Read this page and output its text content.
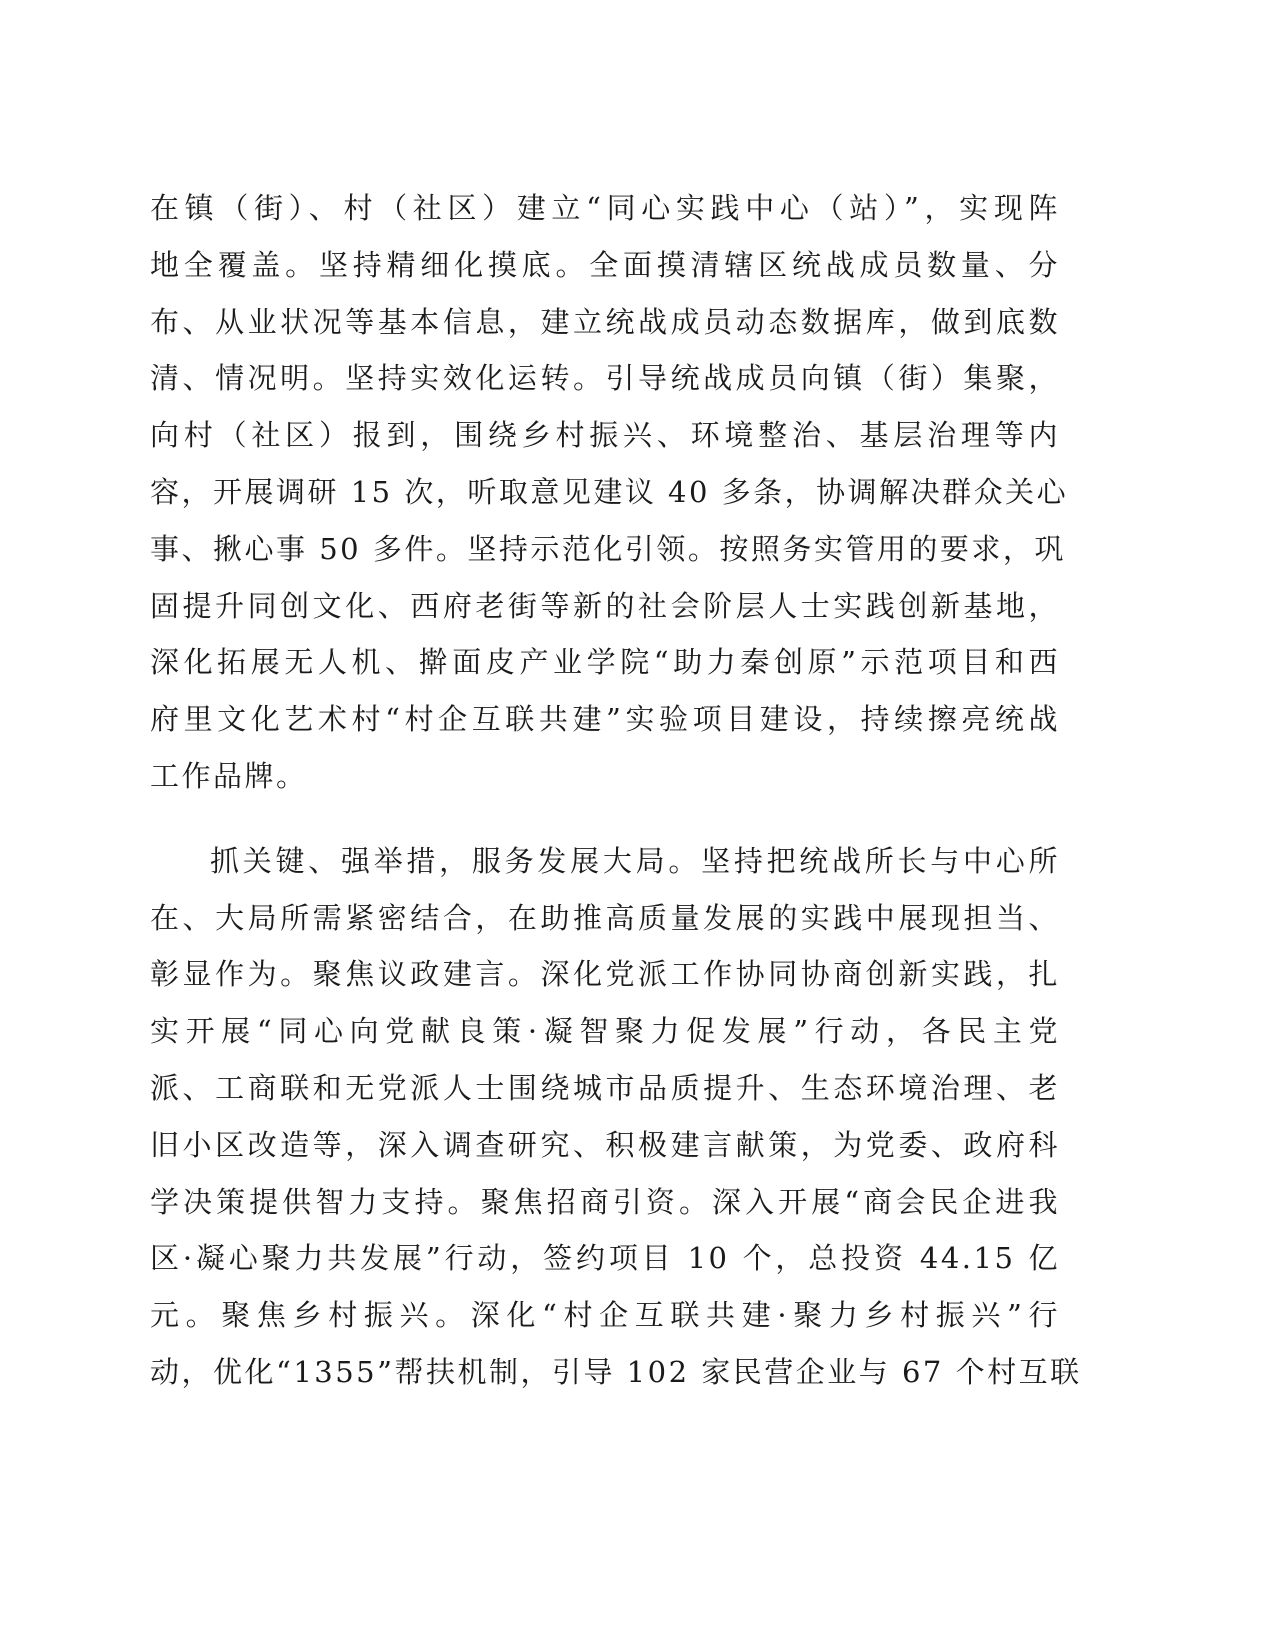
在镇（街）、村（社区）建立“同心实践中心（站）”，实现阵
地全覆盖。坚持精细化摸底。全面摸清辖区统战成员数量、分
布、从业状况等基本信息，建立统战成员动态数据库，做到底数
清、情况明。坚持实效化运转。引导统战成员向镇（街）集聚，
向村（社区）报到，围绕乡村振兴、环境整治、基层治理等内
容，开展调研 15 次，听取意见建议 40 多条，协调解决群众关心
事、揪心事 50 多件。坚持示范化引领。按照务实管用的要求，巩
固提升同创文化、西府老街等新的社会阶层人士实践创新基地，
深化拓展无人机、擀面皮产业学院“助力秦创原”示范项目和西
府里文化艺术村“村企互联共建”实验项目建设，持续擦亮统战
工作品牌。
抓关键、强举措，服务发展大局。坚持把统战所长与中心所
在、大局所需紧密结合，在助推高质量发展的实践中展现担当、
彰显作为。聚焦议政建言。深化党派工作协同协商创新实践，扎
实开展“同心向党献良策·凝智聚力促发展”行动，各民主党
派、工商联和无党派人士围绕城市品质提升、生态环境治理、老
旧小区改造等，深入调查研究、积极建言献策，为党委、政府科
学决策提供智力支持。聚焦招商引资。深入开展“商会民企进我
区·凝心聚力共发展”行动，签约项目 10 个，总投资 44.15 亿
元。聚焦乡村振兴。深化“村企互联共建·聚力乡村振兴”行
动，优化“1355”帮扶机制，引导 102 家民营企业与 67 个村互联
